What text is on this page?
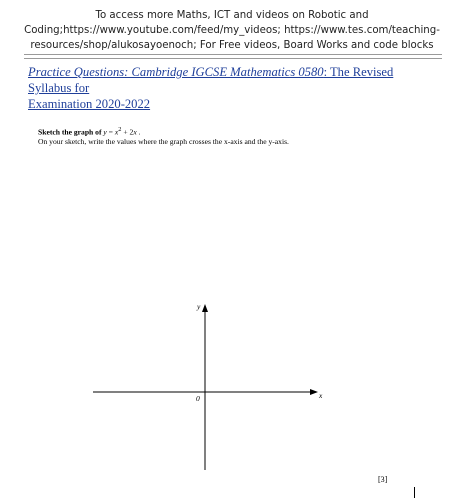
To access more Maths, ICT and videos on Robotic and
Coding;https://www.youtube.com/feed/my_videos; https://www.tes.com/teaching-
resources/shop/alukosayoenoch; For Free videos, Board Works and code blocks
Practice Questions: Cambridge IGCSE Mathematics 0580: The Revised Syllabus for
Examination 2020-2022
Sketch the graph of $y = x^2 + 2x$ .
On your sketch, write the values where the graph crosses the x-axis and the y-axis.
y
x
0
[3]
